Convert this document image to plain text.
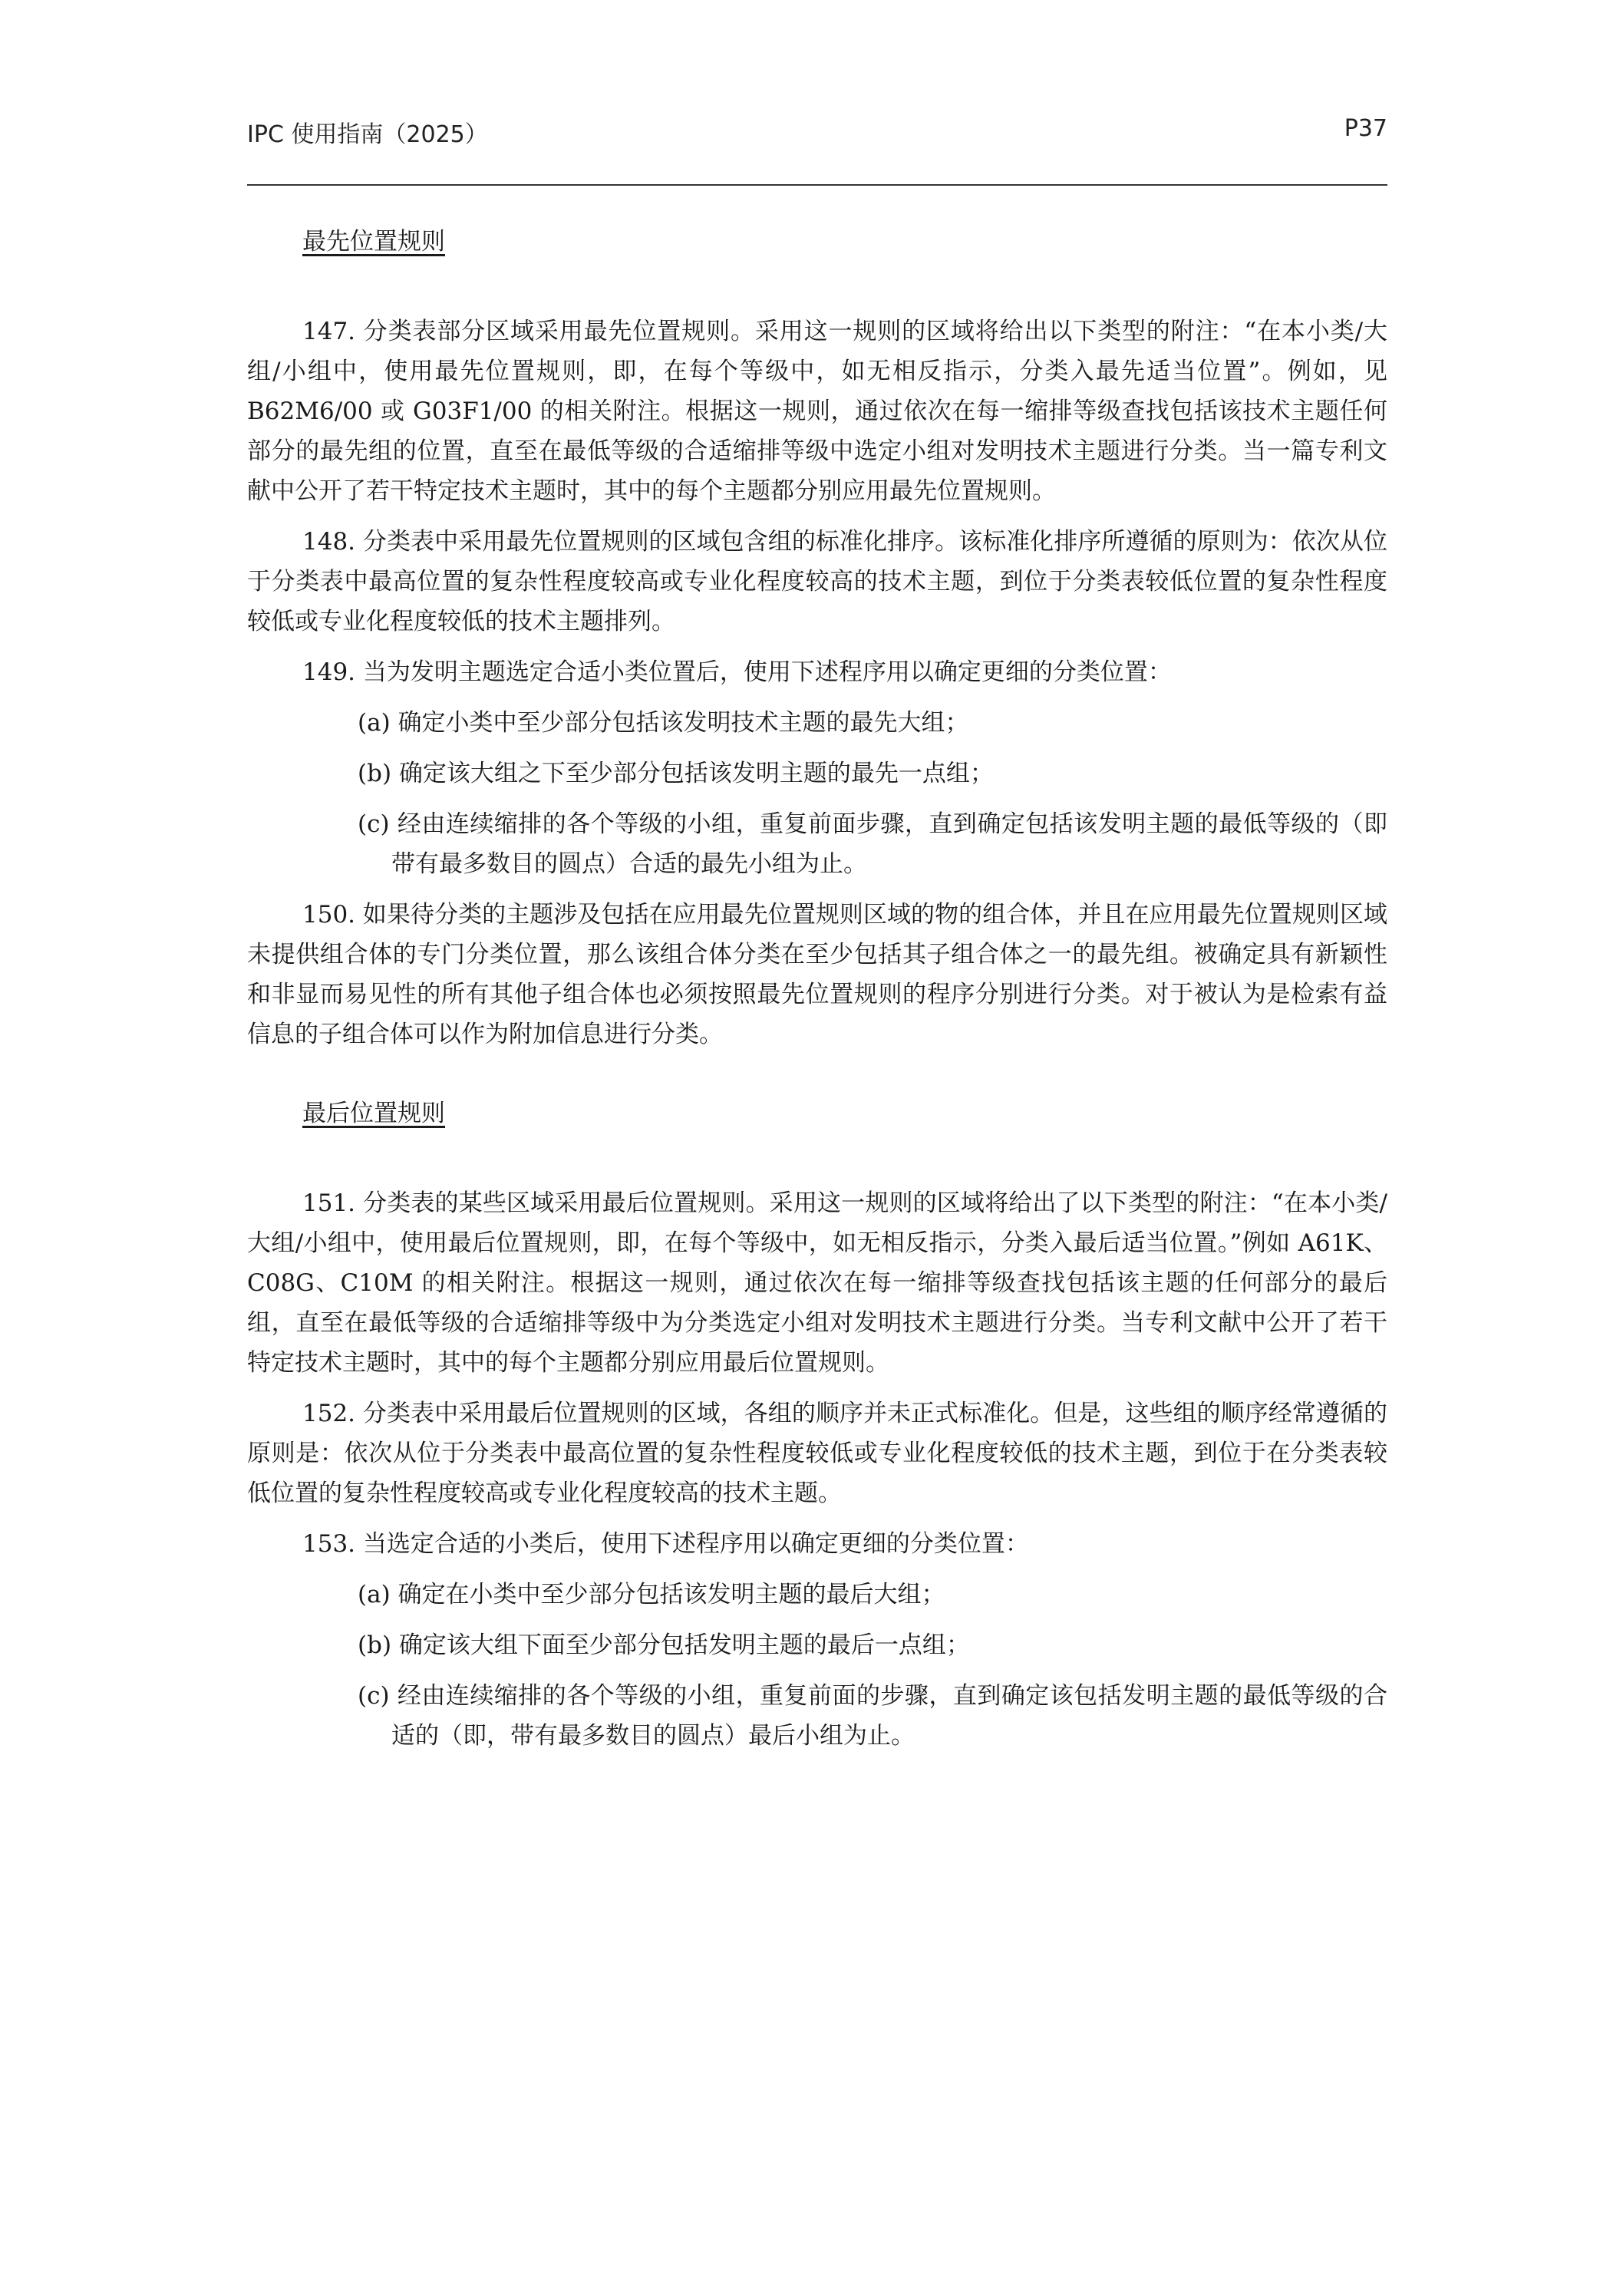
IPC 使用指南（2025）	P37

最先位置规则

147. 分类表部分区域采用最先位置规则。采用这一规则的区域将给出以下类型的附注：“在本小类/大组/小组中，使用最先位置规则，即，在每个等级中，如无相反指示，分类入最先适当位置”。例如，见 B62M6/00 或 G03F1/00 的相关附注。根据这一规则，通过依次在每一缩排等级查找包括该技术主题任何部分的最先组的位置，直至在最低等级的合适缩排等级中选定小组对发明技术主题进行分类。当一篇专利文献中公开了若干特定技术主题时，其中的每个主题都分别应用最先位置规则。

148. 分类表中采用最先位置规则的区域包含组的标准化排序。该标准化排序所遵循的原则为：依次从位于分类表中最高位置的复杂性程度较高或专业化程度较高的技术主题，到位于分类表较低位置的复杂性程度较低或专业化程度较低的技术主题排列。

149. 当为发明主题选定合适小类位置后，使用下述程序用以确定更细的分类位置：

(a) 确定小类中至少部分包括该发明技术主题的最先大组；

(b) 确定该大组之下至少部分包括该发明主题的最先一点组；

(c) 经由连续缩排的各个等级的小组，重复前面步骤，直到确定包括该发明主题的最低等级的（即带有最多数目的圆点）合适的最先小组为止。

150. 如果待分类的主题涉及包括在应用最先位置规则区域的物的组合体，并且在应用最先位置规则区域未提供组合体的专门分类位置，那么该组合体分类在至少包括其子组合体之一的最先组。被确定具有新颖性和非显而易见性的所有其他子组合体也必须按照最先位置规则的程序分别进行分类。对于被认为是检索有益信息的子组合体可以作为附加信息进行分类。

最后位置规则

151. 分类表的某些区域采用最后位置规则。采用这一规则的区域将给出了以下类型的附注：“在本小类/大组/小组中，使用最后位置规则，即，在每个等级中，如无相反指示，分类入最后适当位置。”例如 A61K、C08G、C10M 的相关附注。根据这一规则，通过依次在每一缩排等级查找包括该主题的任何部分的最后组，直至在最低等级的合适缩排等级中为分类选定小组对发明技术主题进行分类。当专利文献中公开了若干特定技术主题时，其中的每个主题都分别应用最后位置规则。

152. 分类表中采用最后位置规则的区域，各组的顺序并未正式标准化。但是，这些组的顺序经常遵循的原则是：依次从位于分类表中最高位置的复杂性程度较低或专业化程度较低的技术主题，到位于在分类表较低位置的复杂性程度较高或专业化程度较高的技术主题。

153. 当选定合适的小类后，使用下述程序用以确定更细的分类位置：

(a) 确定在小类中至少部分包括该发明主题的最后大组；

(b) 确定该大组下面至少部分包括发明主题的最后一点组；

(c) 经由连续缩排的各个等级的小组，重复前面的步骤，直到确定该包括发明主题的最低等级的合适的（即，带有最多数目的圆点）最后小组为止。
